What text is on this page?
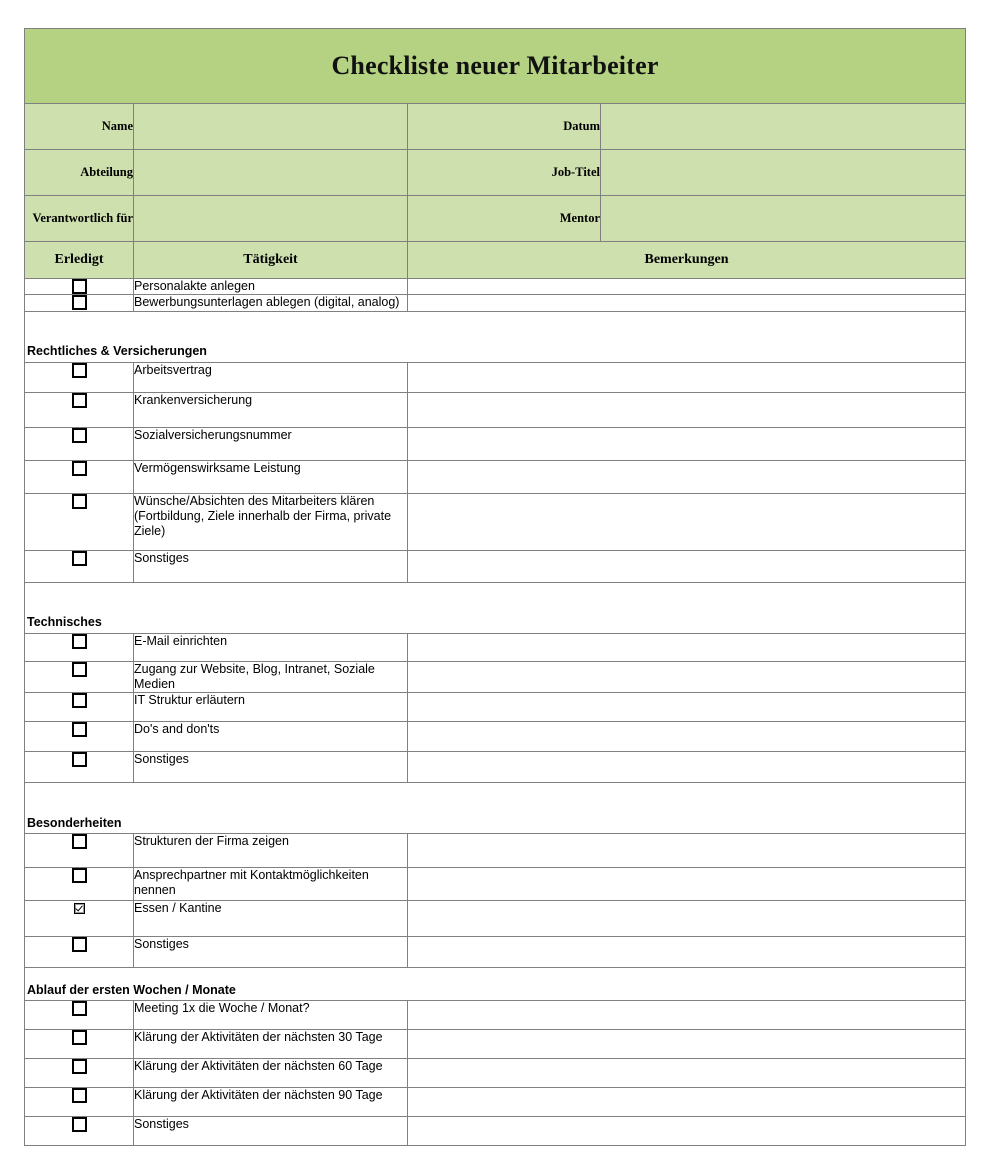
Checkliste neuer Mitarbeiter			
Name		Datum	
Abteilung		Job-Titel	
Verantwortlich für		Mentor	
Erledigt	Tätigkeit	Bemerkungen	
	Personalakte anlegen		
	Bewerbungsunterlagen ablegen (digital, analog)		
Rechtliches & Versicherungen			
	Arbeitsvertrag		
	Krankenversicherung		
	Sozialversicherungsnummer		
	Vermögenswirksame Leistung		
	Wünsche/Absichten des Mitarbeiters klären (Fortbildung, Ziele innerhalb der Firma, private Ziele)		
	Sonstiges		
Technisches			
	E-Mail einrichten		
	Zugang zur Website, Blog, Intranet, Soziale Medien		
	IT Struktur erläutern		
	Do's and don'ts		
	Sonstiges		
Besonderheiten			
	Strukturen der Firma zeigen		
	Ansprechpartner mit Kontaktmöglichkeiten nennen		
	Essen / Kantine		
	Sonstiges		
Ablauf der ersten Wochen / Monate			
	Meeting 1x die Woche / Monat?		
	Klärung der Aktivitäten der nächsten 30 Tage		
	Klärung der Aktivitäten der nächsten 60 Tage		
	Klärung der Aktivitäten der nächsten 90 Tage		
	Sonstiges		
